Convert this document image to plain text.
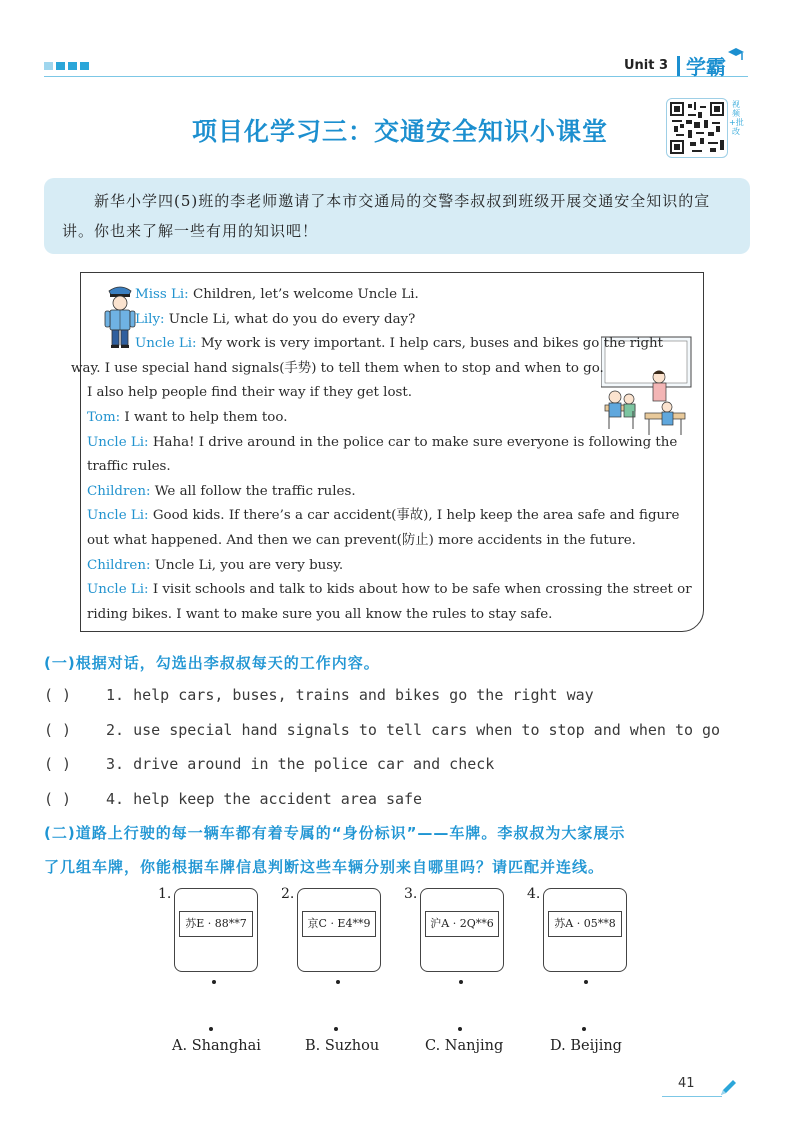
Unit 3 学霸
项目化学习三：交通安全知识小课堂
视频+批改

新华小学四(5)班的李老师邀请了本市交通局的交警李叔叔到班级开展交通安全知识的宣讲。你也来了解一些有用的知识吧！

Miss Li: Children, let’s welcome Uncle Li.
Lily: Uncle Li, what do you do every day?
Uncle Li: My work is very important. I help cars, buses and bikes go the right
way. I use special hand signals(手势) to tell them when to stop and when to go.
I also help people find their way if they get lost.
Tom: I want to help them too.
Uncle Li: Haha! I drive around in the police car to make sure everyone is following the
traffic rules.
Children: We all follow the traffic rules.
Uncle Li: Good kids. If there’s a car accident(事故), I help keep the area safe and figure
out what happened. And then we can prevent(防止) more accidents in the future.
Children: Uncle Li, you are very busy.
Uncle Li: I visit schools and talk to kids about how to be safe when crossing the street or
riding bikes. I want to make sure you all know the rules to stay safe.
(一)根据对话，勾选出李叔叔每天的工作内容。
( ) 1. help cars, buses, trains and bikes go the right way
( ) 2. use special hand signals to tell cars when to stop and when to go
( ) 3. drive around in the police car and check
( ) 4. help keep the accident area safe
(二)道路上行驶的每一辆车都有着专属的“身份标识”——车牌。李叔叔为大家展示
了几组车牌，你能根据车牌信息判断这些车辆分别来自哪里吗？请匹配并连线。
1.
苏E · 88**7
2.
京C · E4**9
3.
沪A · 2Q**6
4.
苏A · 05**8
A. Shanghai	B. Suzhou	C. Nanjing	D. Beijing
41
